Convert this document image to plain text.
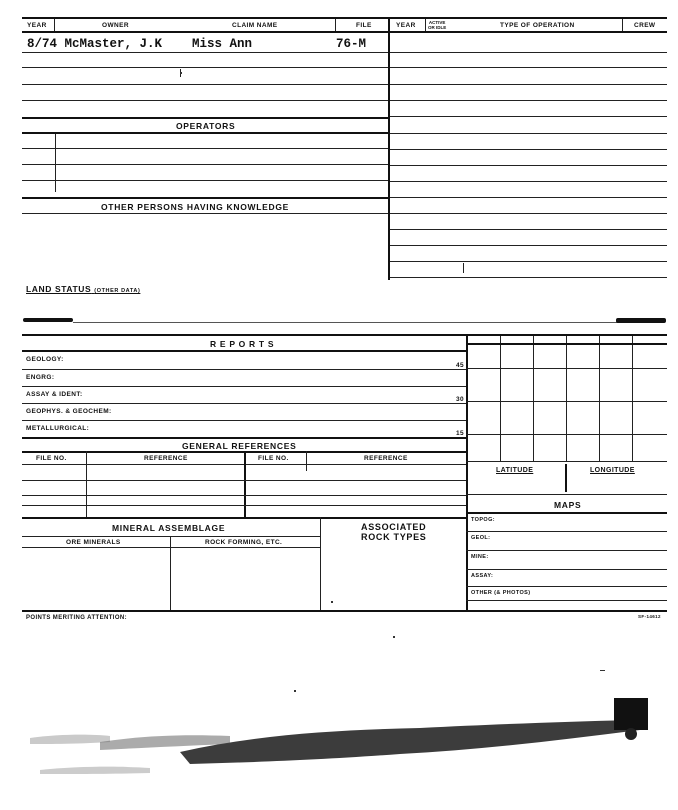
YEAR	OWNER	CLAIM NAME	FILE	YEAR	ACTIVE
OR IDLE	TYPE OF OPERATION	CREW
8/74 McMaster, J.K Miss Ann	76-M
OPERATORS
OTHER PERSONS HAVING KNOWLEDGE
LAND STATUS (OTHER DATA)
R E P O R T S
GEOLOGY:
45
ENGRG:
ASSAY & IDENT:
30
GEOPHYS. & GEOCHEM:
METALLURGICAL:
15
GENERAL REFERENCES
FILE NO.	REFERENCE	FILE NO.	REFERENCE
MINERAL ASSEMBLAGE	ASSOCIATED
ROCK TYPES
ORE MINERALS	ROCK FORMING, ETC.
LATITUDE	LONGITUDE
MAPS
TOPOG:
GEOL:
MINE:
ASSAY:
OTHER (& PHOTOS)
POINTS MERITING ATTENTION:	SF-14612
